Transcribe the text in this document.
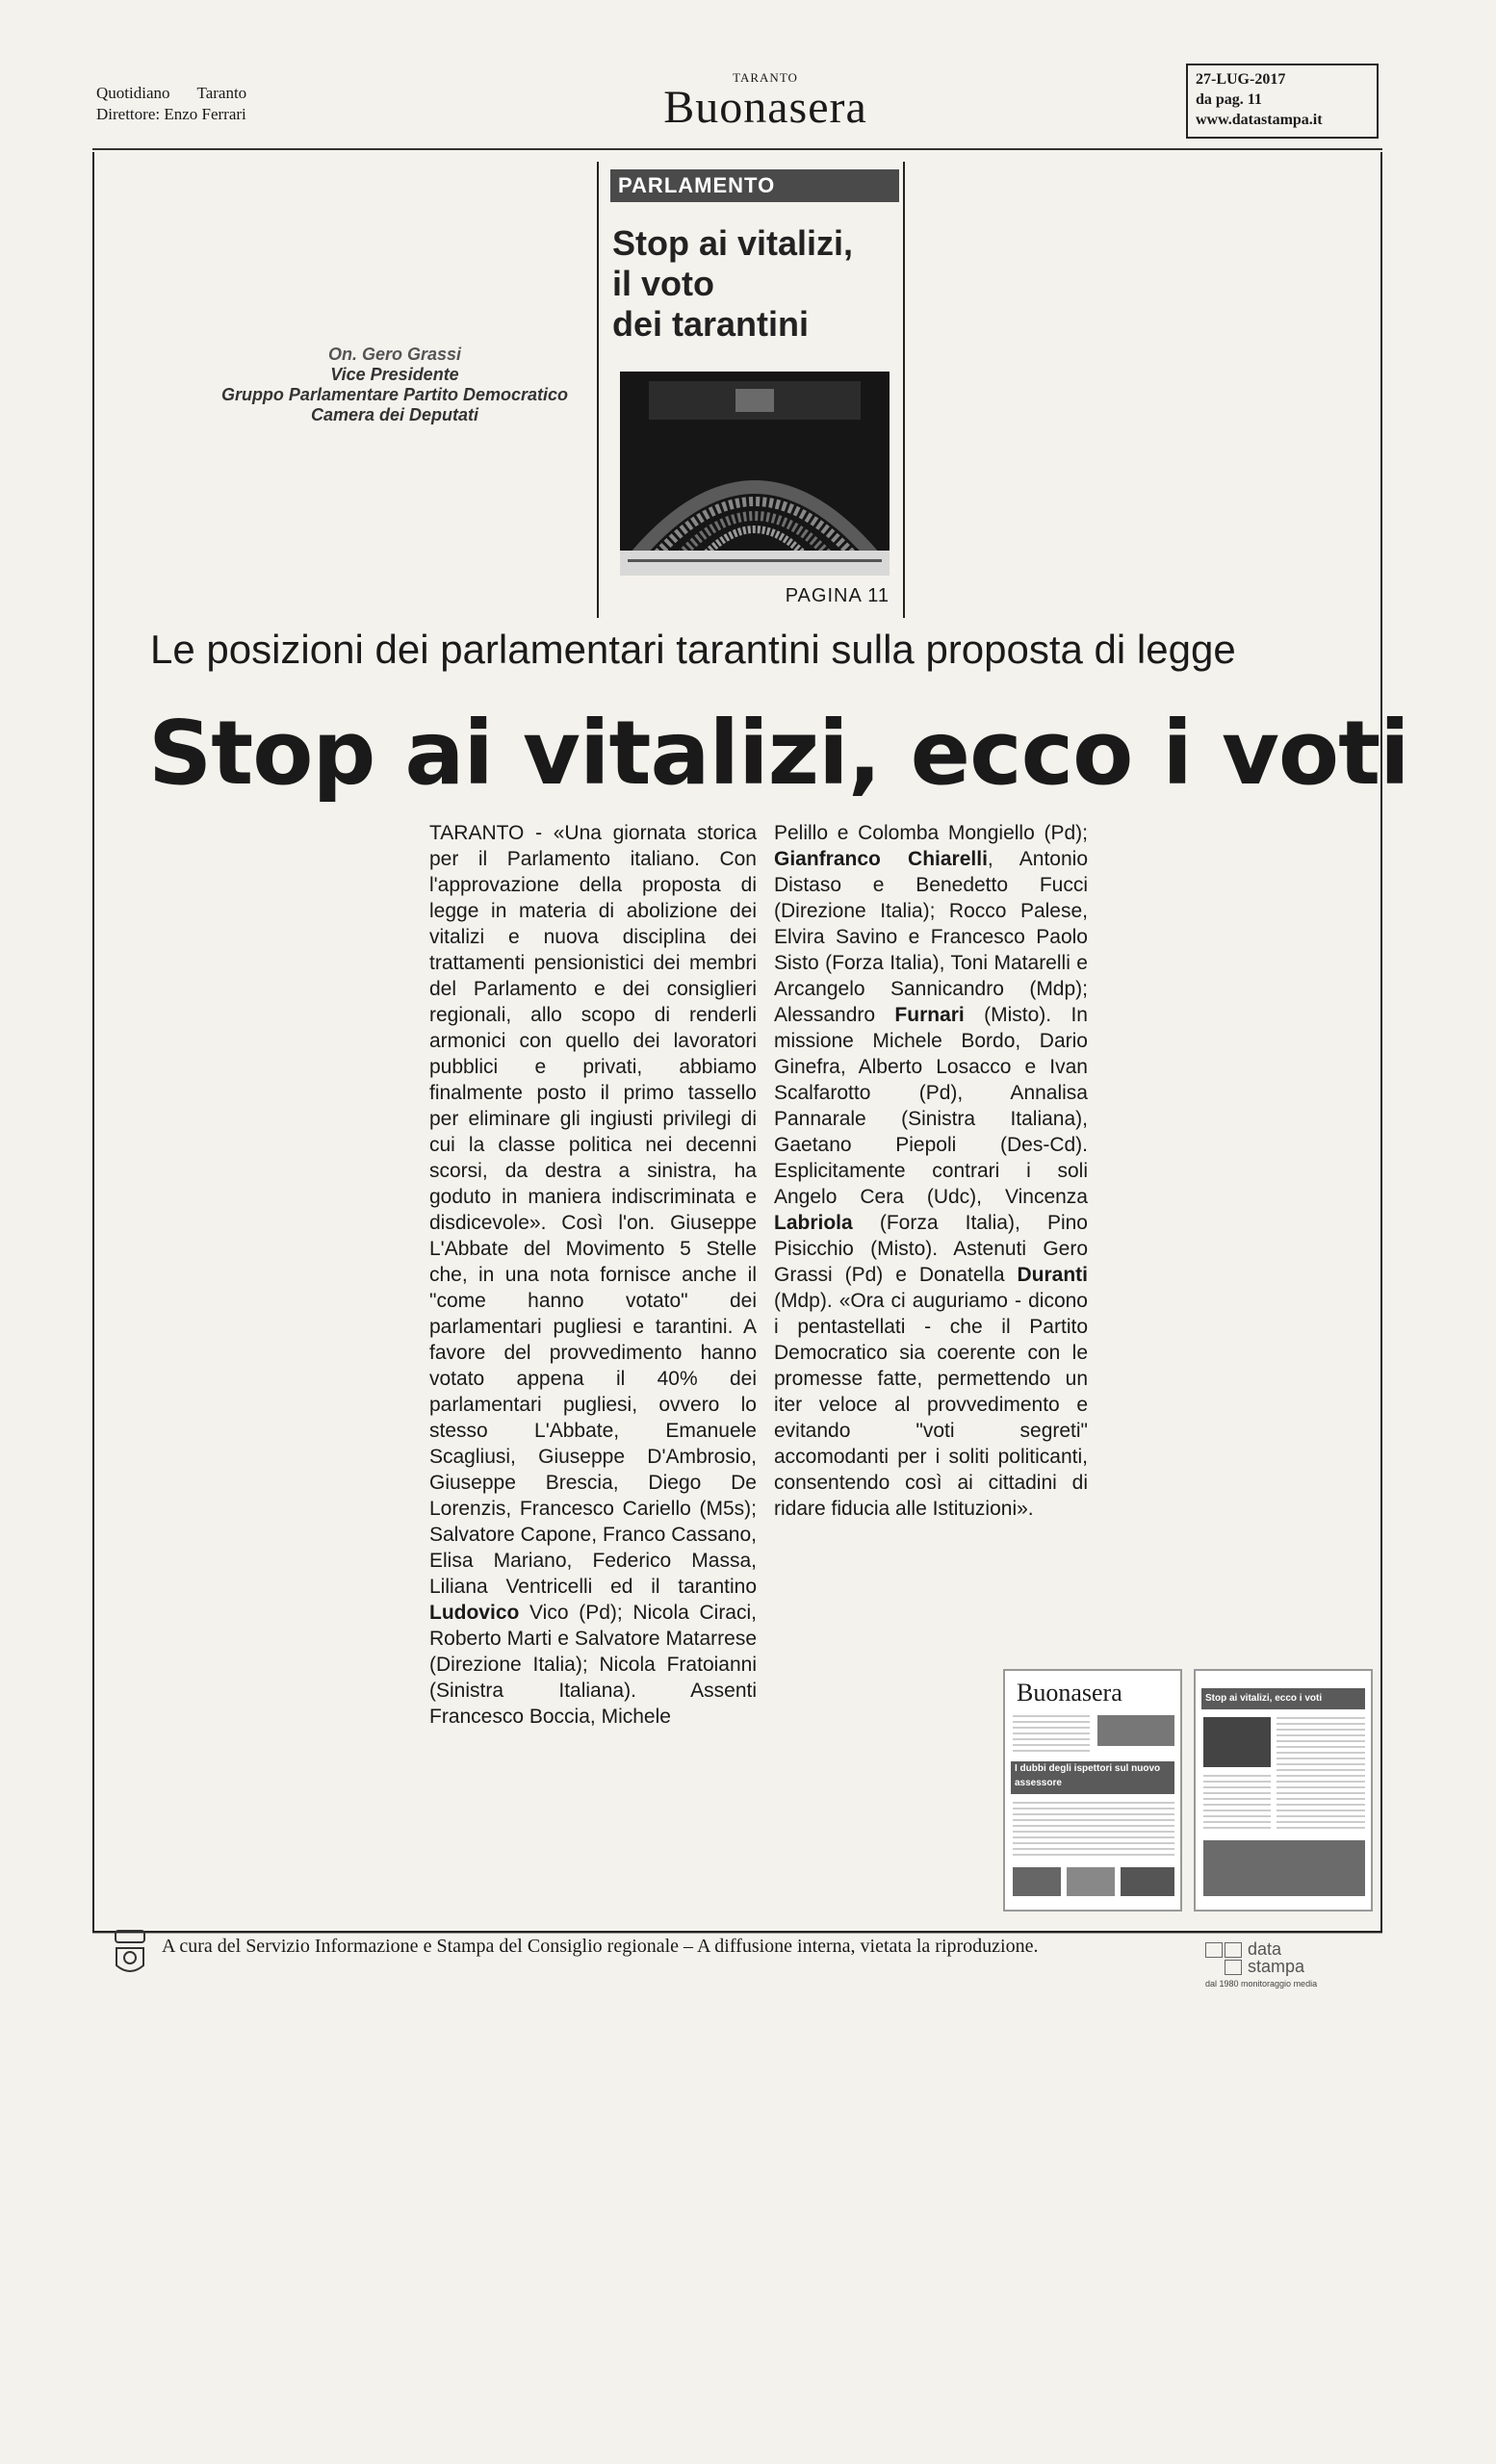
Quotidiano Taranto
Direttore: Enzo Ferrari
TARANTO
Buonasera
27-LUG-2017
da pag. 11
www.datastampa.it
On. Gero Grassi
Vice Presidente
Gruppo Parlamentare Partito Democratico
Camera dei Deputati
PARLAMENTO
Stop ai vitalizi,
il voto
dei tarantini
PAGINA 11
Le posizioni dei parlamentari tarantini sulla proposta di legge
Stop ai vitalizi, ecco i voti

TARANTO - «Una giornata storica per il Parlamento italiano. Con l'approvazione della proposta di legge in materia di abolizione dei vitalizi e nuova disciplina dei trattamenti pensionistici dei membri del Parlamento e dei consiglieri regionali, allo scopo di renderli armonici con quello dei lavoratori pubblici e privati, abbiamo finalmente posto il primo tassello per eliminare gli ingiusti privilegi di cui la classe politica nei decenni scorsi, da destra a sinistra, ha goduto in maniera indiscriminata e disdicevole». Così l'on. Giuseppe L'Abbate del Movimento 5 Stelle che, in una nota fornisce anche il "come hanno votato" dei parlamentari pugliesi e tarantini. A favore del provvedimento hanno votato appena il 40% dei parlamentari pugliesi, ovvero lo stesso L'Abbate, Emanuele Scagliusi, Giuseppe D'Ambrosio, Giuseppe Brescia, Diego De Lorenzis, Francesco Cariello (M5s); Salvatore Capone, Franco Cassano, Elisa Mariano, Federico Massa, Liliana Ventricelli ed il tarantino Ludovico Vico (Pd); Nicola Ciraci, Roberto Marti e Salvatore Matarrese (Direzione Italia); Nicola Fratoianni (Sinistra Italiana). Assenti Francesco Boccia, Michele

Pelillo e Colomba Mongiello (Pd); Gianfranco Chiarelli, Antonio Distaso e Benedetto Fucci (Direzione Italia); Rocco Palese, Elvira Savino e Francesco Paolo Sisto (Forza Italia), Toni Matarelli e Arcangelo Sannicandro (Mdp); Alessandro Furnari (Misto). In missione Michele Bordo, Dario Ginefra, Alberto Losacco e Ivan Scalfarotto (Pd), Annalisa Pannarale (Sinistra Italiana), Gaetano Piepoli (Des-Cd). Esplicitamente contrari i soli Angelo Cera (Udc), Vincenza Labriola (Forza Italia), Pino Pisicchio (Misto). Astenuti Gero Grassi (Pd) e Donatella Duranti (Mdp). «Ora ci auguriamo - dicono i pentastellati - che il Partito Democratico sia coerente con le promesse fatte, permettendo un iter veloce al provvedimento e evitando "voti segreti" accomodanti per i soliti politicanti, consentendo così ai cittadini di ridare fiducia alle Istituzioni».

Buonasera
I dubbi degli ispettori sul nuovo assessore
Stop ai vitalizi, ecco i voti
A cura del Servizio Informazione e Stampa del Consiglio regionale – A diffusione interna, vietata la riproduzione.	data
stampa
dal 1980 monitoraggio media
